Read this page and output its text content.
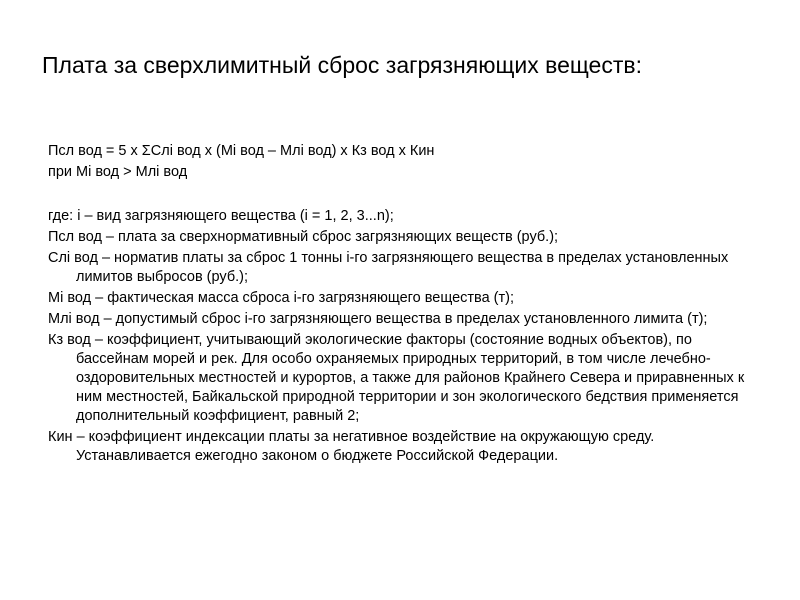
Плата за сверхлимитный сброс загрязняющих веществ:
Псл вод = 5 х ΣСлi вод х (Мi вод – Млi вод) х Кз вод х Кин
при Мi вод > Млi вод
где: i – вид загрязняющего вещества (i = 1, 2, 3...n);
Псл вод – плата за сверхнормативный сброс загрязняющих веществ (руб.);
Слi вод – норматив платы за сброс 1 тонны i-го загрязняющего вещества в пределах установленных лимитов выбросов (руб.);
Мi вод – фактическая масса сброса i-го загрязняющего вещества (т);
Млi вод – допустимый сброс i-го загрязняющего вещества в пределах установленного лимита (т);
Кз вод – коэффициент, учитывающий экологические факторы (состояние водных объектов), по бассейнам морей и рек. Для особо охраняемых природных территорий, в том числе лечебно-оздоровительных местностей и курортов, а также для районов Крайнего Севера и приравненных к ним местностей, Байкальской природной территории и зон экологического бедствия применяется дополнительный коэффициент, равный 2;
Кин – коэффициент индексации платы за негативное воздействие на окружающую среду. Устанавливается ежегодно законом о бюджете Российской Федерации.
